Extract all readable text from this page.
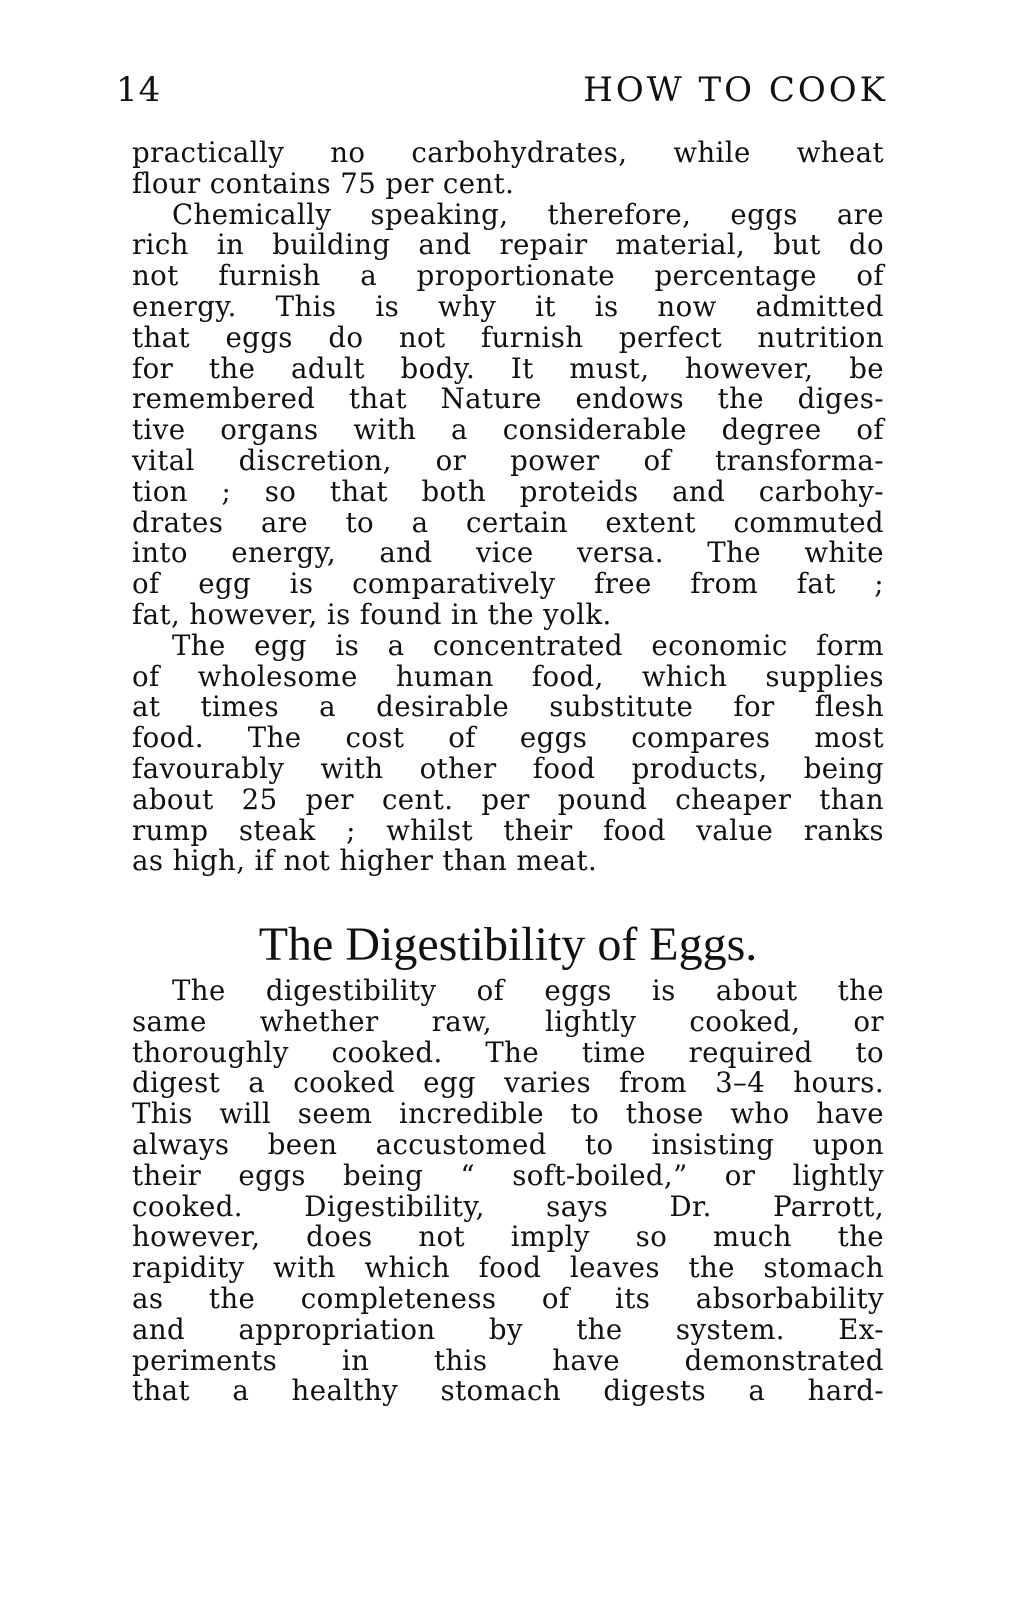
14	HOW TO COOK
practically no carbohydrates, while wheat
flour contains 75 per cent.
Chemically speaking, therefore, eggs are
rich in building and repair material, but do
not furnish a proportionate percentage of
energy. This is why it is now admitted
that eggs do not furnish perfect nutrition
for the adult body. It must, however, be
remembered that Nature endows the diges-
tive organs with a considerable degree of
vital discretion, or power of transforma-
tion ; so that both proteids and carbohy-
drates are to a certain extent commuted
into energy, and vice versa. The white
of egg is comparatively free from fat ;
fat, however, is found in the yolk.
The egg is a concentrated economic form
of wholesome human food, which supplies
at times a desirable substitute for flesh
food. The cost of eggs compares most
favourably with other food products, being
about 25 per cent. per pound cheaper than
rump steak ; whilst their food value ranks
as high, if not higher than meat.
The Digestibility of Eggs.
The digestibility of eggs is about the
same whether raw, lightly cooked, or
thoroughly cooked. The time required to
digest a cooked egg varies from 3–4 hours.
This will seem incredible to those who have
always been accustomed to insisting upon
their eggs being “ soft-boiled,” or lightly
cooked. Digestibility, says Dr. Parrott,
however, does not imply so much the
rapidity with which food leaves the stomach
as the completeness of its absorbability
and appropriation by the system. Ex-
periments in this have demonstrated
that a healthy stomach digests a hard-
